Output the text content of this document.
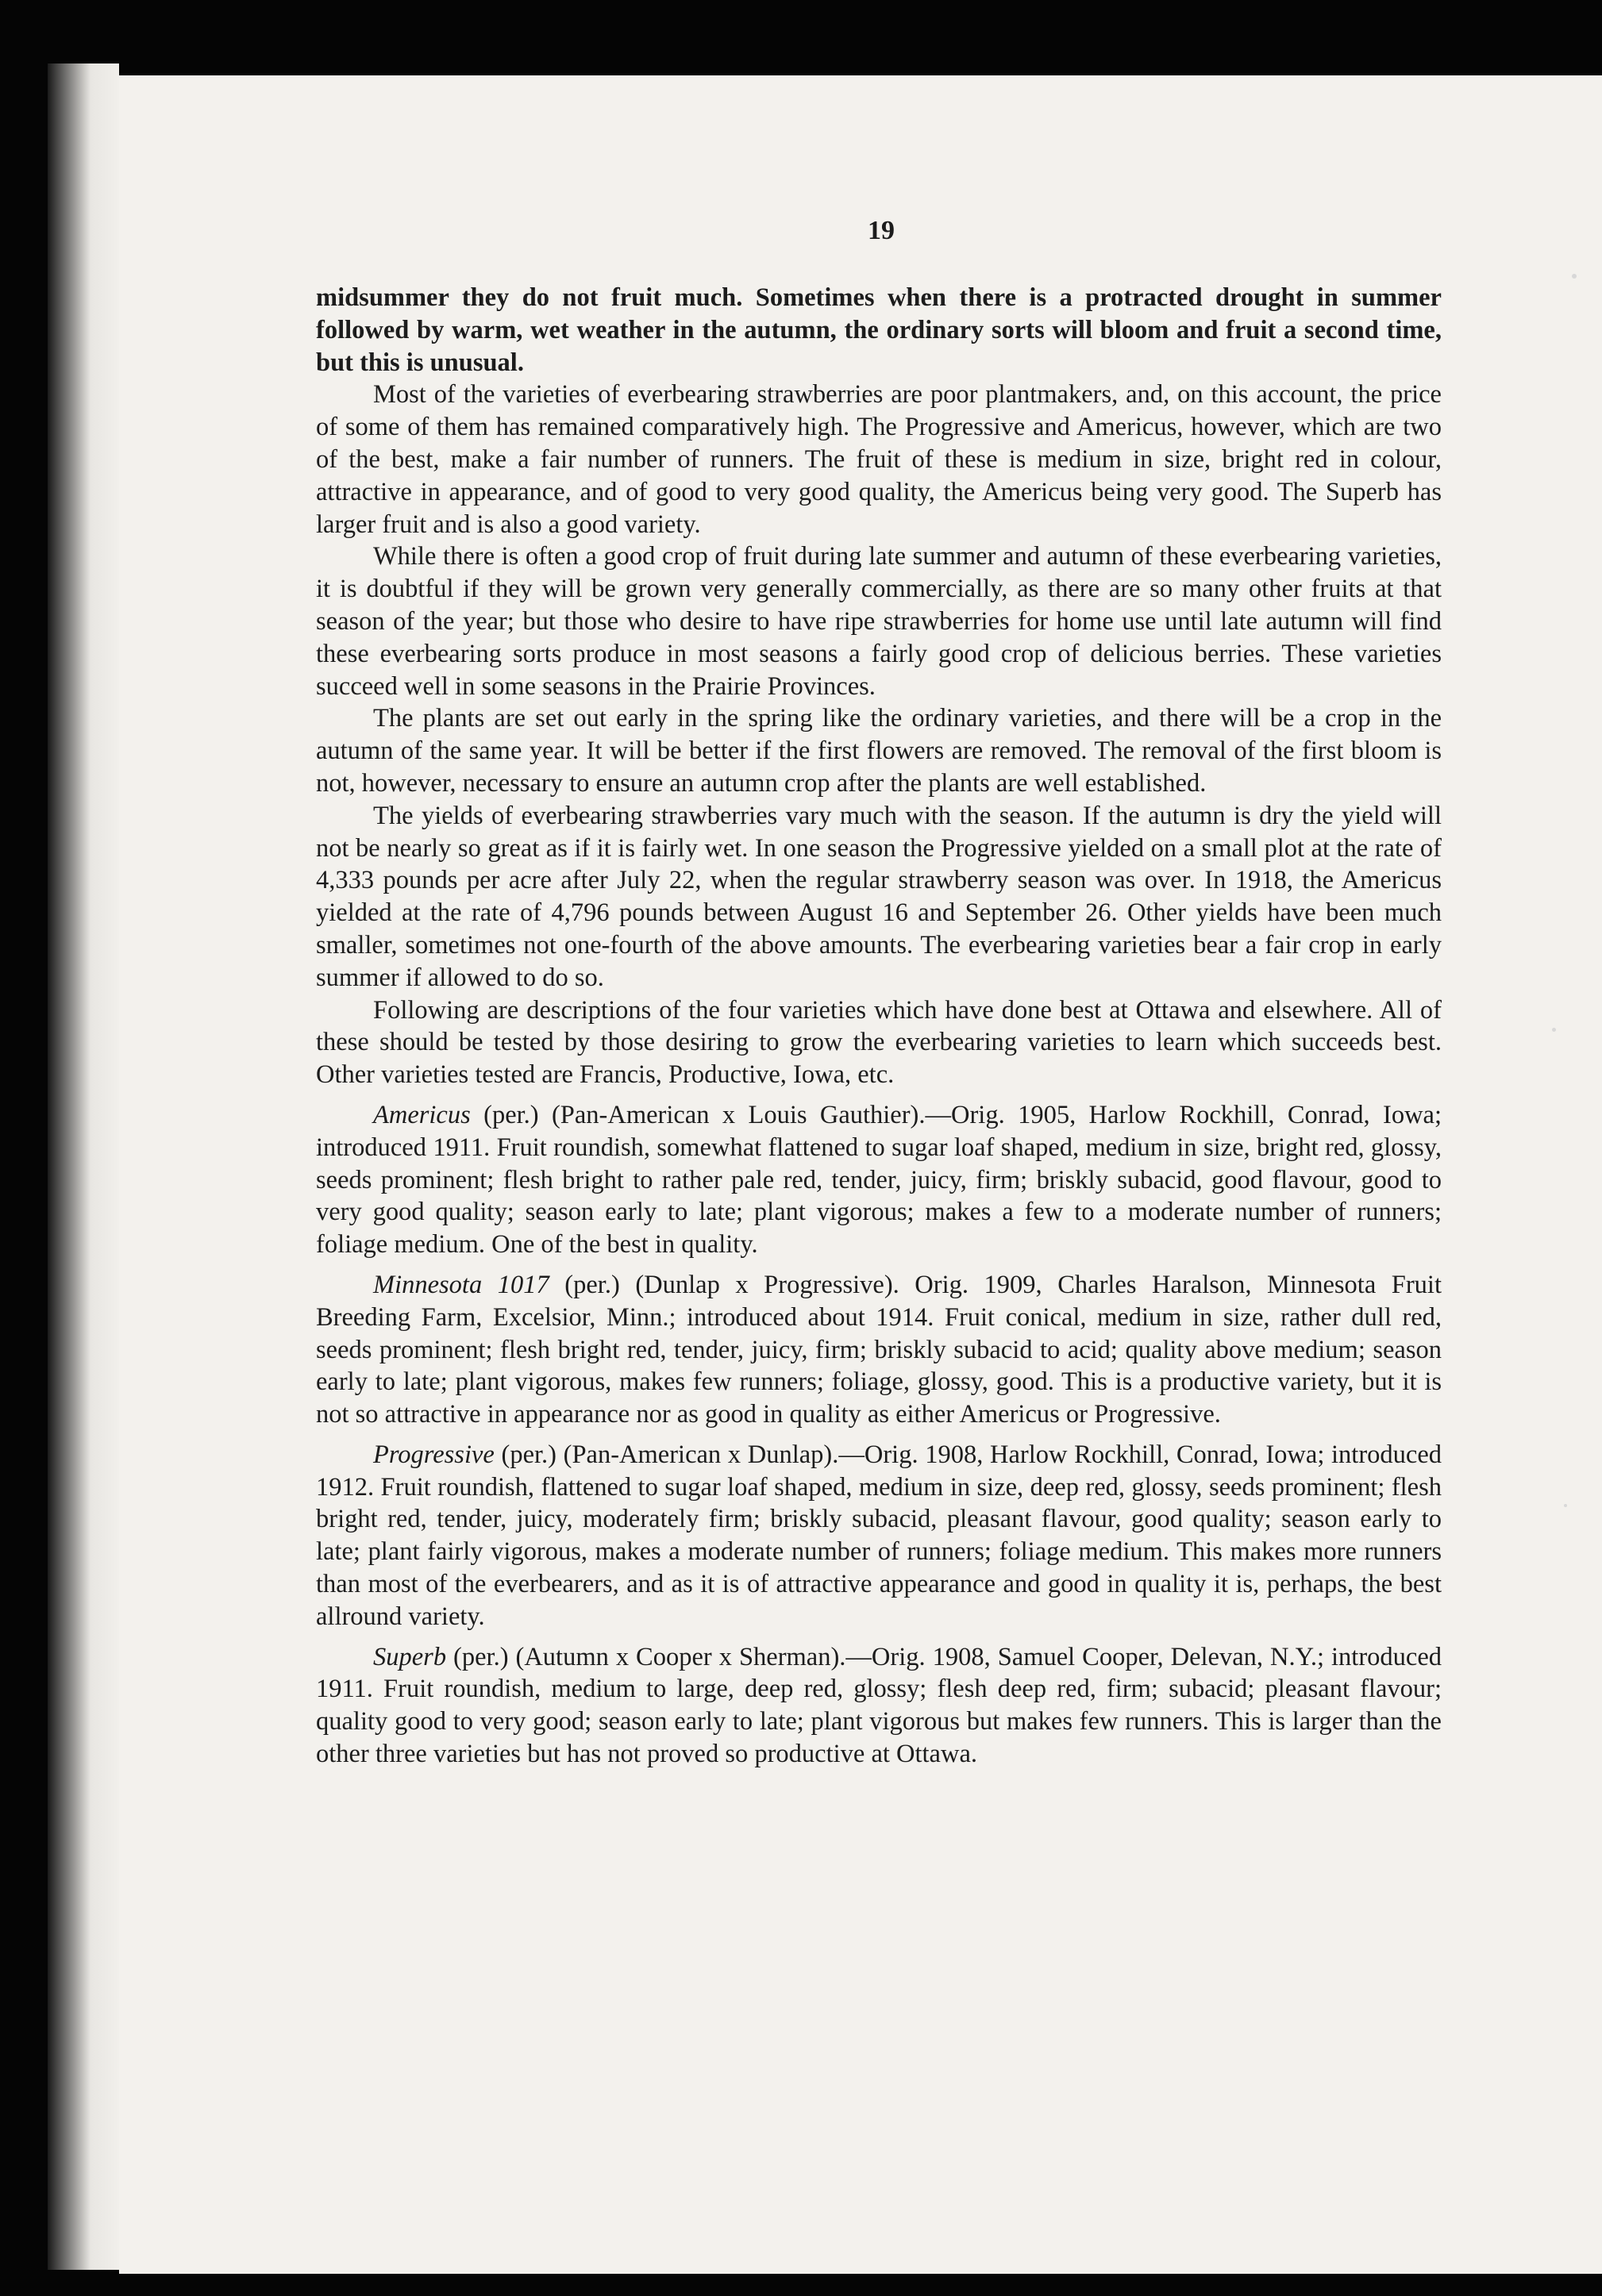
19

midsummer they do not fruit much. Sometimes when there is a protracted drought in summer followed by warm, wet weather in the autumn, the ordinary sorts will bloom and fruit a second time, but this is unusual.

Most of the varieties of everbearing strawberries are poor plantmakers, and, on this account, the price of some of them has remained comparatively high. The Progressive and Americus, however, which are two of the best, make a fair number of runners. The fruit of these is medium in size, bright red in colour, attractive in appearance, and of good to very good quality, the Americus being very good. The Superb has larger fruit and is also a good variety.

While there is often a good crop of fruit during late summer and autumn of these everbearing varieties, it is doubtful if they will be grown very generally commercially, as there are so many other fruits at that season of the year; but those who desire to have ripe strawberries for home use until late autumn will find these everbearing sorts produce in most seasons a fairly good crop of delicious berries. These varieties succeed well in some seasons in the Prairie Provinces.

The plants are set out early in the spring like the ordinary varieties, and there will be a crop in the autumn of the same year. It will be better if the first flowers are removed. The removal of the first bloom is not, however, necessary to ensure an autumn crop after the plants are well established.

The yields of everbearing strawberries vary much with the season. If the autumn is dry the yield will not be nearly so great as if it is fairly wet. In one season the Progressive yielded on a small plot at the rate of 4,333 pounds per acre after July 22, when the regular strawberry season was over. In 1918, the Americus yielded at the rate of 4,796 pounds between August 16 and September 26. Other yields have been much smaller, sometimes not one-fourth of the above amounts. The everbearing varieties bear a fair crop in early summer if allowed to do so.

Following are descriptions of the four varieties which have done best at Ottawa and elsewhere. All of these should be tested by those desiring to grow the everbearing varieties to learn which succeeds best. Other varieties tested are Francis, Productive, Iowa, etc.

Americus (per.) (Pan-American x Louis Gauthier).—Orig. 1905, Harlow Rockhill, Conrad, Iowa; introduced 1911. Fruit roundish, somewhat flattened to sugar loaf shaped, medium in size, bright red, glossy, seeds prominent; flesh bright to rather pale red, tender, juicy, firm; briskly subacid, good flavour, good to very good quality; season early to late; plant vigorous; makes a few to a moderate number of runners; foliage medium. One of the best in quality.

Minnesota 1017 (per.) (Dunlap x Progressive). Orig. 1909, Charles Haralson, Minnesota Fruit Breeding Farm, Excelsior, Minn.; introduced about 1914. Fruit conical, medium in size, rather dull red, seeds prominent; flesh bright red, tender, juicy, firm; briskly subacid to acid; quality above medium; season early to late; plant vigorous, makes few runners; foliage, glossy, good. This is a productive variety, but it is not so attractive in appearance nor as good in quality as either Americus or Progressive.

Progressive (per.) (Pan-American x Dunlap).—Orig. 1908, Harlow Rockhill, Conrad, Iowa; introduced 1912. Fruit roundish, flattened to sugar loaf shaped, medium in size, deep red, glossy, seeds prominent; flesh bright red, tender, juicy, moderately firm; briskly subacid, pleasant flavour, good quality; season early to late; plant fairly vigorous, makes a moderate number of runners; foliage medium. This makes more runners than most of the everbearers, and as it is of attractive appearance and good in quality it is, perhaps, the best allround variety.

Superb (per.) (Autumn x Cooper x Sherman).—Orig. 1908, Samuel Cooper, Delevan, N.Y.; introduced 1911. Fruit roundish, medium to large, deep red, glossy; flesh deep red, firm; subacid; pleasant flavour; quality good to very good; season early to late; plant vigorous but makes few runners. This is larger than the other three varieties but has not proved so productive at Ottawa.
